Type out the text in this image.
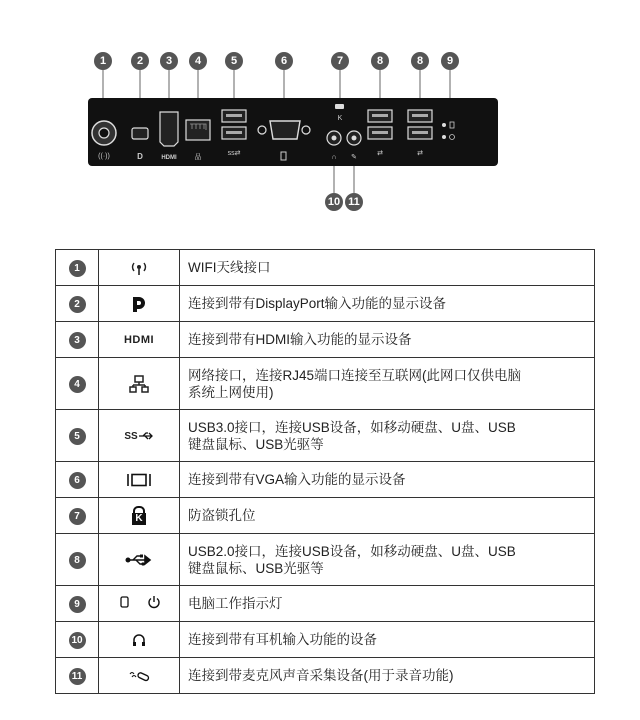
((·))	D	HDMI	品
ss⇄
K
∩ ✎
⇄	⇄
1	2	3	4	5	6	7	8	8	9
10 11
1		WIFI天线接口

2		连接到带有DisplayPort输入功能的显示设备

3	HDMI	连接到带有HDMI输入功能的显示设备

4		网络接口，连接RJ45端口连接至互联网(此网口仅供电脑
系统上网使用)

5	SS	USB3.0接口，连接USB设备，如移动硬盘、U盘、USB
键盘鼠标、USB光驱等

6		连接到带有VGA输入功能的显示设备

7	K	防盗锁孔位

8		USB2.0接口，连接USB设备，如移动硬盘、U盘、USB
键盘鼠标、USB光驱等

9		电脑工作指示灯

10		连接到带有耳机输入功能的设备

11		连接到带麦克风声音采集设备(用于录音功能)
